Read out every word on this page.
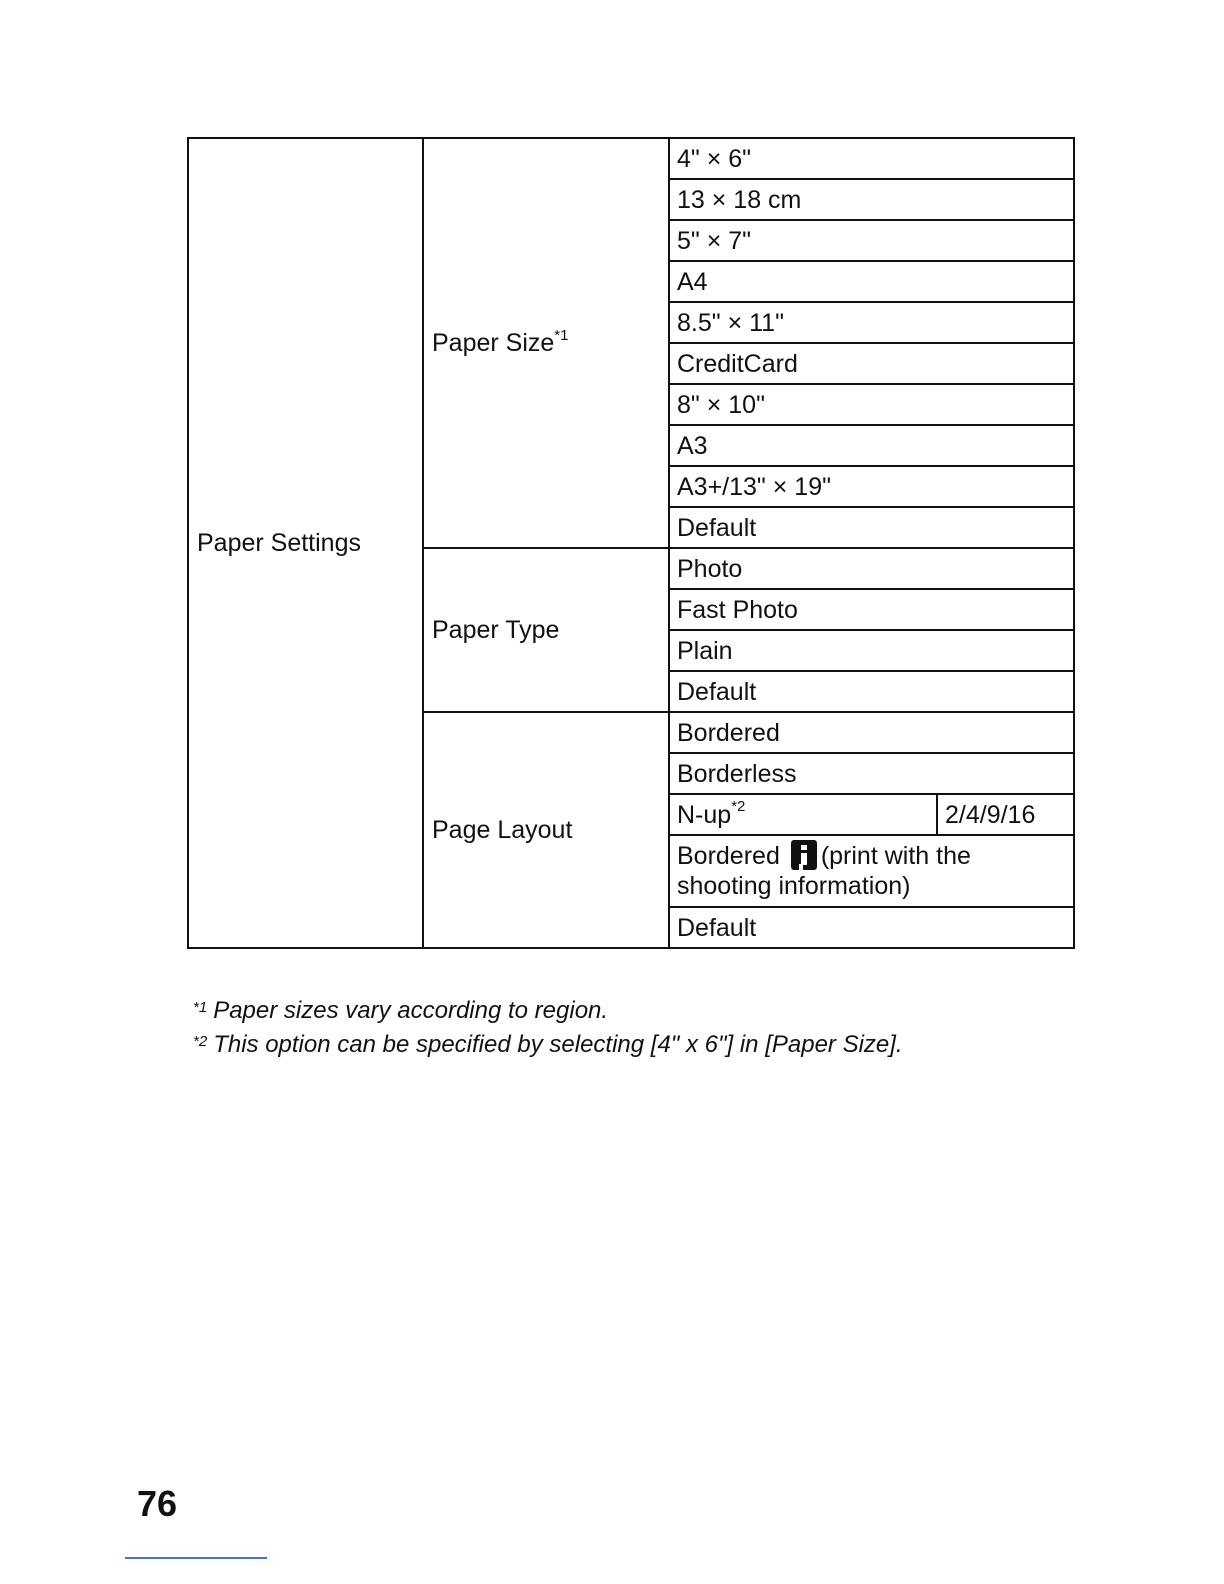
Paper Settings	Paper Size$^{*1}$	4" × 6"	
		13 × 18 cm	
		5" × 7"	
		A4	
		8.5" × 11"	
		CreditCard	
		8" × 10"	
		A3	
		A3+/13" × 19"	
		Default	
	Paper Type	Photo	
		Fast Photo	
		Plain	
		Default	
	Page Layout	Bordered	
		Borderless	
		$N-up^{*2}$	2/4/9/16
		Bordered (print with the
shooting information)	
		Default	
$^{*1}$ Paper sizes vary according to region.
$^{*2}$ This option can be specified by selecting [4" x 6"] in [Paper Size].
76
